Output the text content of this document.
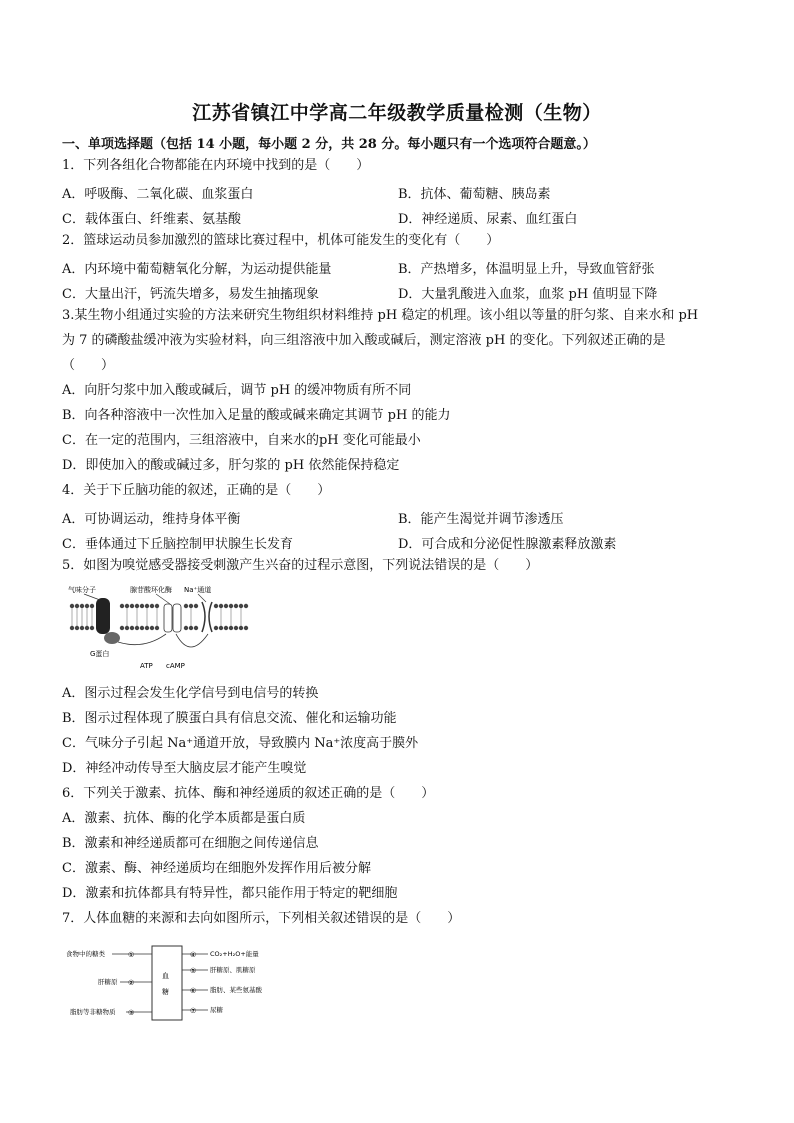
江苏省镇江中学高二年级教学质量检测（生物）
一、单项选择题（包括 14 小题，每小题 2 分，共 28 分。每小题只有一个选项符合题意。）
1．下列各组化合物都能在内环境中找到的是（　　）
A．呼吸酶、二氧化碳、血浆蛋白	B．抗体、葡萄糖、胰岛素
C．载体蛋白、纤维素、氨基酸	D．神经递质、尿素、血红蛋白
2．篮球运动员参加激烈的篮球比赛过程中，机体可能发生的变化有（　　）
A．内环境中葡萄糖氧化分解，为运动提供能量	B．产热增多，体温明显上升，导致血管舒张
C．大量出汗，钙流失增多，易发生抽搐现象	D．大量乳酸进入血浆，血浆 pH 值明显下降
3.某生物小组通过实验的方法来研究生物组织材料维持 pH 稳定的机理。该小组以等量的肝匀浆、自来水和 pH
为 7 的磷酸盐缓冲液为实验材料，向三组溶液中加入酸或碱后，测定溶液 pH 的变化。下列叙述正确的是
（　　）
A．向肝匀浆中加入酸或碱后，调节 pH 的缓冲物质有所不同
B．向各种溶液中一次性加入足量的酸或碱来确定其调节 pH 的能力
C．在一定的范围内，三组溶液中，自来水的pH 变化可能最小
D．即使加入的酸或碱过多，肝匀浆的 pH 依然能保持稳定
4．关于下丘脑功能的叙述，正确的是（　　）
A．可协调运动，维持身体平衡	B．能产生渴觉并调节渗透压
C．垂体通过下丘脑控制甲状腺生长发育	D．可合成和分泌促性腺激素释放激素
5．如图为嗅觉感受器接受刺激产生兴奋的过程示意图，下列说法错误的是（　　）
气味分子	腺苷酸环化酶 Na⁺通道
G蛋白
ATP cAMP
A．图示过程会发生化学信号到电信号的转换
B．图示过程体现了膜蛋白具有信息交流、催化和运输功能
C．气味分子引起 Na⁺通道开放，导致膜内 Na⁺浓度高于膜外
D．神经冲动传导至大脑皮层才能产生嗅觉
6．下列关于激素、抗体、酶和神经递质的叙述正确的是（　　）
A．激素、抗体、酶的化学本质都是蛋白质
B．激素和神经递质都可在细胞之间传递信息
C．激素、酶、神经递质均在细胞外发挥作用后被分解
D．激素和抗体都具有特异性，都只能作用于特定的靶细胞
7．人体血糖的来源和去向如图所示，下列相关叙述错误的是（　　）
食物中的糖类
肝糖原
脂肪等非糖物质
①
②
③
血
糖
④
⑤
⑥
⑦
CO₂+H₂O+能量
肝糖原、肌糖原
脂肪、某些氨基酸
尿糖
